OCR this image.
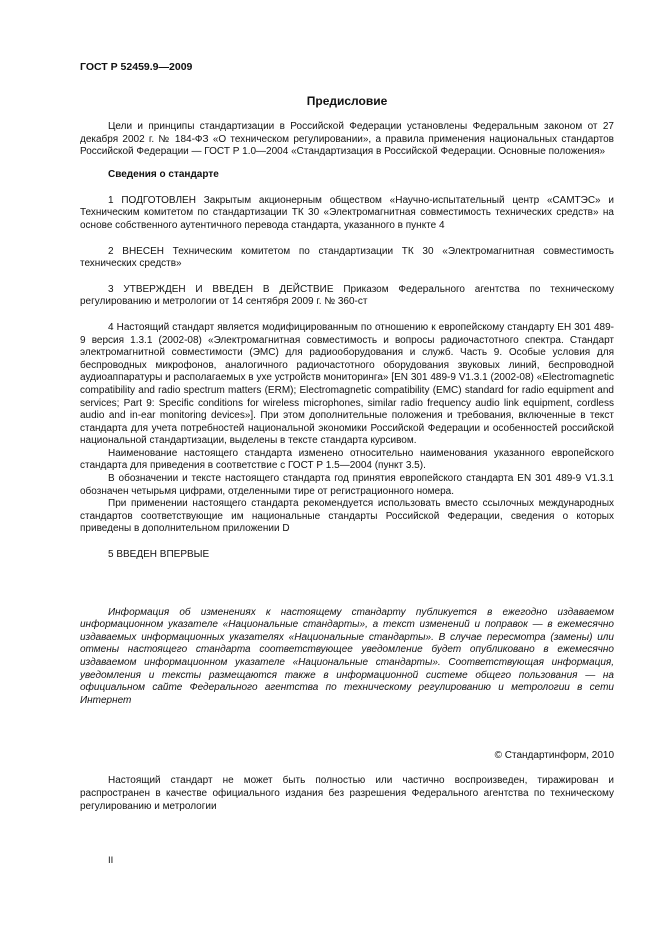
ГОСТ Р 52459.9—2009

Предисловие

Цели и принципы стандартизации в Российской Федерации установлены Федеральным законом от 27 декабря 2002 г. № 184-ФЗ «О техническом регулировании», а правила применения национальных стандартов Российской Федерации — ГОСТ Р 1.0—2004 «Стандартизация в Российской Федерации. Основные положения»

Сведения о стандарте

1 ПОДГОТОВЛЕН Закрытым акционерным обществом «Научно-испытательный центр «САМТЭС» и Техническим комитетом по стандартизации ТК 30 «Электромагнитная совместимость технических средств» на основе собственного аутентичного перевода стандарта, указанного в пункте 4

2 ВНЕСЕН Техническим комитетом по стандартизации ТК 30 «Электромагнитная совместимость технических средств»

3 УТВЕРЖДЕН И ВВЕДЕН В ДЕЙСТВИЕ Приказом Федерального агентства по техническому регулированию и метрологии от 14 сентября 2009 г. № 360-ст

4 Настоящий стандарт является модифицированным по отношению к европейскому стандарту EH 301 489-9 версия 1.3.1 (2002-08) «Электромагнитная совместимость и вопросы радиочастотного спектра. Стандарт электромагнитной совместимости (ЭМС) для радиооборудования и служб. Часть 9. Особые условия для беспроводных микрофонов, аналогичного радиочастотного оборудования звуковых линий, беспроводной аудиоаппаратуры и располагаемых в ухе устройств мониторинга» [EN 301 489-9 V1.3.1 (2002-08) «Electromagnetic compatibility and radio spectrum matters (ERM); Electromagnetic compatibility (EMC) standard for radio equipment and services; Part 9: Specific conditions for wireless microphones, similar radio frequency audio link equipment, cordless audio and in-ear monitoring devices»]. При этом дополнительные положения и требования, включенные в текст стандарта для учета потребностей национальной экономики Российской Федерации и особенностей российской национальной стандартизации, выделены в тексте стандарта курсивом.

Наименование настоящего стандарта изменено относительно наименования указанного европейского стандарта для приведения в соответствие с ГОСТ Р 1.5—2004 (пункт 3.5).

В обозначении и тексте настоящего стандарта год принятия европейского стандарта EN 301 489-9 V1.3.1 обозначен четырьмя цифрами, отделенными тире от регистрационного номера.

При применении настоящего стандарта рекомендуется использовать вместо ссылочных международных стандартов соответствующие им национальные стандарты Российской Федерации, сведения о которых приведены в дополнительном приложении D

5 ВВЕДЕН ВПЕРВЫЕ

Информация об изменениях к настоящему стандарту публикуется в ежегодно издаваемом информационном указателе «Национальные стандарты», а текст изменений и поправок — в ежемесячно издаваемых информационных указателях «Национальные стандарты». В случае пересмотра (замены) или отмены настоящего стандарта соответствующее уведомление будет опубликовано в ежемесячно издаваемом информационном указателе «Национальные стандарты». Соответствующая информация, уведомления и тексты размещаются также в информационной системе общего пользования — на официальном сайте Федерального агентства по техническому регулированию и метрологии в сети Интернет

© Стандартинформ, 2010

Настоящий стандарт не может быть полностью или частично воспроизведен, тиражирован и распространен в качестве официального издания без разрешения Федерального агентства по техническому регулированию и метрологии

II
